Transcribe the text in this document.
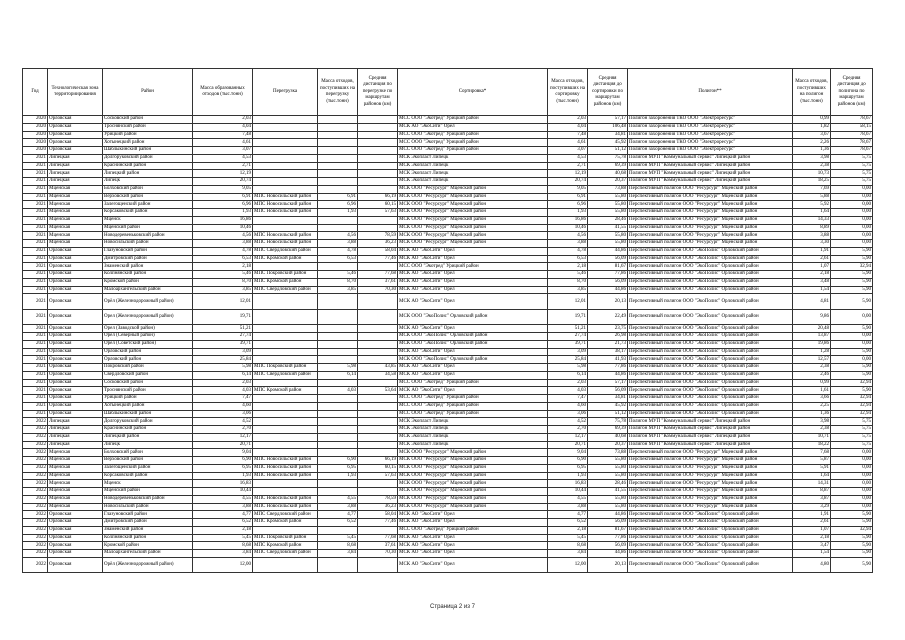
Год	Технологическая зона территориирования	Район	Масса образованных отходов (тыс.тонн)	Перегрузка	Масса отходов, поступивших на перегрузку (тыс.тонн)	Средняя дистанция по перегрузке по маршрутам районов (км)	Сортировка*	Масса отходов, поступивших на сортировку (тыс.тонн)	Средняя дистанция до сортировки по маршрутам районов (км)	Полигон**	Масса отходов, поступивших на полигон (тыс.тонн)	Средняя дистанция до полигона по маршрутам районов (км)
2020	Орловская	Сосковский район	2,03				МСС ООО "Экотред" Урицкий район	2,03	57,17	Полигон захоронения ТКО ООО "Электроресурс"	0,99	78,67
2020	Орловская	Троснянский район	4,04				МСК АО "ЭкоСити" Орел	4,04	106,48	Полигон захоронения ТКО ООО "Электроресурс"	1,82	58,15
2020	Орловская	Урицкий район	7,48				МСС ООО "Экотред" Урицкий район	7,48	34,81	Полигон захоронения ТКО ООО "Электроресурс"	3,67	78,67
2020	Орловская	Хотынецкий район	4,61				МСС ООО "Экотред" Урицкий район	4,61	45,92	Полигон захоронения ТКО ООО "Электроресурс"	2,26	78,67
2020	Орловская	Шаблыкинский район	3,07				МСС ООО "Экотред" Урицкий район	3,07	51,12	Полигон захоронения ТКО ООО "Электроресурс"	1,36	78,67
2021	Липецкая	Долгоруковский район	4,53				МСК Экопласт Липецк	4,53	75,78	Полигон МУП "Коммунальный сервис" Липецкий район	3,98	5,75
2021	Липецкая	Краснинский район	2,71				МСК Экопласт Липецк	2,71	69,39	Полигон МУП "Коммунальный сервис" Липецкий район	2,38	5,75
2021	Липецкая	Липецкий район	12,19				МСК Экопласт Липецк	12,19	40,68	Полигон МУП "Коммунальный сервис" Липецкий район	10,73	5,75
2021	Липецкая	Липецк	20,74				МСК Экопласт Липецк	20,74	20,37	Полигон МУП "Коммунальный сервис" Липецкий район	18,25	5,75
2021	Мценская	Болховский район	9,05				МСК ООО "Ресурсург" Мценский район	9,05	73,88	Перспективный полигон ООО "Ресурсург" Мценский район	7,69	0,00
2021	Мценская	Верховский район	6,91	МПС Новосильский район	6,91	66,19	МСК ООО "Ресурсург" Мценский район	6,91	55,80	Перспективный полигон ООО "Ресурсург" Мценский район	5,88	0,00
2021	Мценская	Залегощенский район	6,96	МПС Новосильский район	6,96	60,15	МСК ООО "Ресурсург" Мценский район	6,96	55,80	Перспективный полигон ООО "Ресурсург" Мценский район	5,92	0,00
2021	Мценская	Корсаковский район	1,93	МПС Новосильский район	1,93	57,63	МСК ООО "Ресурсург" Мценский район	1,93	55,80	Перспективный полигон ООО "Ресурсург" Мценский район	1,64	0,00
2021	Мценская	Мценск	16,86				МСК ООО "Ресурсург" Мценский район	16,86	28,46	Перспективный полигон ООО "Ресурсург" Мценский район	14,33	0,00
2021	Мценская	Мценский район	10,46				МСК ООО "Ресурсург" Мценский район	10,46	41,55	Перспективный полигон ООО "Ресурсург" Мценский район	8,89	0,00
2021	Мценская	Новодеревеньковский район	4,56	МПС Новосильский район	4,56	78,59	МСК ООО "Ресурсург" Мценский район	4,56	55,80	Перспективный полигон ООО "Ресурсург" Мценский район	3,88	0,00
2021	Мценская	Новосильский район	3,88	МПС Новосильский район	3,88	36,23	МСК ООО "Ресурсург" Мценский район	3,88	55,80	Перспективный полигон ООО "Ресурсург" Мценский район	3,30	0,00
2021	Орловская	Глазуновский район	4,78	МПС Свердловский район	4,78	58,04	МСК АО "ЭкоСити" Орел	4,78	44,86	Перспективный полигон ООО "ЭкоПолис" Орловский район	1,91	5,90
2021	Орловская	Дмитровский район	6,53	МПС Кромской район	6,53	77,46	МСК АО "ЭкоСити" Орел	6,53	56,09	Перспективный полигон ООО "ЭкоПолис" Орловский район	2,61	5,90
2021	Орловская	Знаменский район	2,18				МСС ООО "Экотред" Урицкий район	2,18	81,67	Перспективный полигон ООО "ЭкоПолис" Орловский район	1,07	32,94
2021	Орловская	Колпнянский район	5,46	МПС Покровский район	5,46	77,68	МСК АО "ЭкоСити" Орел	5,46	77,86	Перспективный полигон ООО "ЭкоПолис" Орловский район	2,18	5,90
2021	Орловская	Кромской район	8,70	МПС Кромской район	8,70	37,61	МСК АО "ЭкоСити" Орел	8,70	56,09	Перспективный полигон ООО "ЭкоПолис" Орловский район	3,48	5,90
2021	Орловская	Малоархангельский район	3,85	МПС Свердловский район	3,85	70,30	МСК АО "ЭкоСити" Орел	3,85	44,86	Перспективный полигон ООО "ЭкоПолис" Орловский район	1,54	5,90
2021	Орловская	Орёл (Железнодорожный район)	12,01				МСК АО "ЭкоСити" Орел	12,01	20,13	Перспективный полигон ООО "ЭкоПолис" Орловский район	4,81	5,90
2021	Орловская	Орел (Железнодорожный район)	19,71				МСК ООО "ЭкоПолис" Орловский район	19,71	22,49	Перспективный полигон ООО "ЭкоПолис" Орловский район	9,86	0,00
2021	Орловская	Орел (Заводской район)	51,21				МСК АО "ЭкоСити" Орел	51,21	23,75	Перспективный полигон ООО "ЭкоПолис" Орловский район	20,48	5,90
2021	Орловская	Орел (Северный район)	27,74				МСК ООО "ЭкоПолис" Орловский район	27,74	26,98	Перспективный полигон ООО "ЭкоПолис" Орловский район	13,87	0,00
2021	Орловская	Орел (Советский район)	39,71				МСК ООО "ЭкоПолис" Орловский район	39,71	21,73	Перспективный полигон ООО "ЭкоПолис" Орловский район	19,86	0,00
2021	Орловская	Орловский район	3,09				МСК АО "ЭкоСити" Орел	3,09	38,17	Перспективный полигон ООО "ЭкоПолис" Орловский район	1,28	5,90
2021	Орловская	Орловский район	25,84				МСК ООО "ЭкоПолис" Орловский район	25,84	41,93	Перспективный полигон ООО "ЭкоПолис" Орловский район	12,57	0,00
2021	Орловская	Покровский район	5,98	МПС Покровский район	5,98	43,85	МСК АО "ЭкоСити" Орел	5,98	77,86	Перспективный полигон ООО "ЭкоПолис" Орловский район	2,38	5,90
2021	Орловская	Свердловский район	6,14	МПС Свердловский район	6,14	34,58	МСК АО "ЭкоСити" Орел	6,14	44,86	Перспективный полигон ООО "ЭкоПолис" Орловский район	2,46	5,90
2021	Орловская	Сосковский район	2,03				МСС ООО "Экотред" Урицкий район	2,03	57,17	Перспективный полигон ООО "ЭкоПолис" Орловский район	0,99	32,94
2021	Орловская	Троснянский район	4,03	МПС Кромской район	4,03	53,64	МСК АО "ЭкоСити" Орел	4,03	56,09	Перспективный полигон ООО "ЭкоПолис" Орловский район	1,61	5,90
2021	Орловская	Урицкий район	7,47				МСС ООО "Экотред" Урицкий район	7,47	34,81	Перспективный полигон ООО "ЭкоПолис" Орловский район	3,66	32,94
2021	Орловская	Хотынецкий район	4,60				МСС ООО "Экотред" Урицкий район	4,60	45,92	Перспективный полигон ООО "ЭкоПолис" Орловский район	2,25	32,94
2021	Орловская	Шаблыкинский район	3,06				МСС ООО "Экотред" Урицкий район	3,06	51,12	Перспективный полигон ООО "ЭкоПолис" Орловский район	1,36	32,94
2022	Липецкая	Долгоруковский район	4,52				МСК Экопласт Липецк	4,52	75,78	Полигон МУП "Коммунальный сервис" Липецкий район	3,98	5,75
2022	Липецкая	Краснинский район	2,70				МСК Экопласт Липецк	2,70	69,39	Полигон МУП "Коммунальный сервис" Липецкий район	2,38	5,75
2022	Липецкая	Липецкий район	12,17				МСК Экопласт Липецк	12,17	40,68	Полигон МУП "Коммунальный сервис" Липецкий район	10,71	5,75
2022	Липецкая	Липецк	20,71				МСК Экопласт Липецк	20,71	20,37	Полигон МУП "Коммунальный сервис" Липецкий район	18,22	5,75
2022	Мценская	Болховский район	9,04				МСК ООО "Ресурсург" Мценский район	9,04	73,88	Перспективный полигон ООО "Ресурсург" Мценский район	7,68	0,00
2022	Мценская	Верховский район	6,90	МПС Новосильский район	6,90	66,19	МСК ООО "Ресурсург" Мценский район	6,90	55,80	Перспективный полигон ООО "Ресурсург" Мценский район	5,87	0,00
2022	Мценская	Залегощенский район	6,95	МПС Новосильский район	6,95	60,15	МСК ООО "Ресурсург" Мценский район	6,95	55,80	Перспективный полигон ООО "Ресурсург" Мценский район	5,91	0,00
2022	Мценская	Корсаковский район	1,93	МПС Новосильский район	1,93	57,63	МСК ООО "Ресурсург" Мценский район	1,93	55,80	Перспективный полигон ООО "Ресурсург" Мценский район	1,64	0,00
2022	Мценская	Мценск	16,83				МСК ООО "Ресурсург" Мценский район	16,83	28,46	Перспективный полигон ООО "Ресурсург" Мценский район	14,31	0,00
2022	Мценская	Мценский район	10,44				МСК ООО "Ресурсург" Мценский район	10,44	41,55	Перспективный полигон ООО "Ресурсург" Мценский район	8,87	0,00
2022	Мценская	Новодеревеньковский район	4,55	МПС Новосильский район	4,55	78,59	МСК ООО "Ресурсург" Мценский район	4,55	55,80	Перспективный полигон ООО "Ресурсург" Мценский район	3,87	0,00
2022	Мценская	Новосильский район	3,88	МПС Новосильский район	3,88	36,23	МСК ООО "Ресурсург" Мценский район	3,88	55,80	Перспективный полигон ООО "Ресурсург" Мценский район	3,29	0,00
2022	Орловская	Глазуновский район	4,77	МПС Свердловский район	4,77	58,04	МСК АО "ЭкоСити" Орел	4,77	44,86	Перспективный полигон ООО "ЭкоПолис" Орловский район	1,91	5,90
2022	Орловская	Дмитровский район	6,52	МПС Кромской район	6,52	77,46	МСК АО "ЭкоСити" Орел	6,52	56,09	Перспективный полигон ООО "ЭкоПолис" Орловский район	2,61	5,90
2022	Орловская	Знаменский район	2,18				МСС ООО "Экотред" Урицкий район	2,18	81,67	Перспективный полигон ООО "ЭкоПолис" Орловский район	1,07	32,94
2022	Орловская	Колпнянский район	5,45	МПС Покровский район	5,45	77,68	МСК АО "ЭкоСити" Орел	5,45	77,86	Перспективный полигон ООО "ЭкоПолис" Орловский район	2,18	5,90
2022	Орловская	Кромской район	8,68	МПС Кромской район	8,68	37,61	МСК АО "ЭкоСити" Орел	8,68	56,09	Перспективный полигон ООО "ЭкоПолис" Орловский район	3,47	5,90
2022	Орловская	Малоархангельский район	3,84	МПС Свердловский район	3,84	70,30	МСК АО "ЭкоСити" Орел	3,84	44,86	Перспективный полигон ООО "ЭкоПолис" Орловский район	1,54	5,90
2022	Орловская	Орёл (Железнодорожный район)	12,00				МСК АО "ЭкоСити" Орел	12,00	20,13	Перспективный полигон ООО "ЭкоПолис" Орловский район	4,80	5,90
Страница 2 из 7
